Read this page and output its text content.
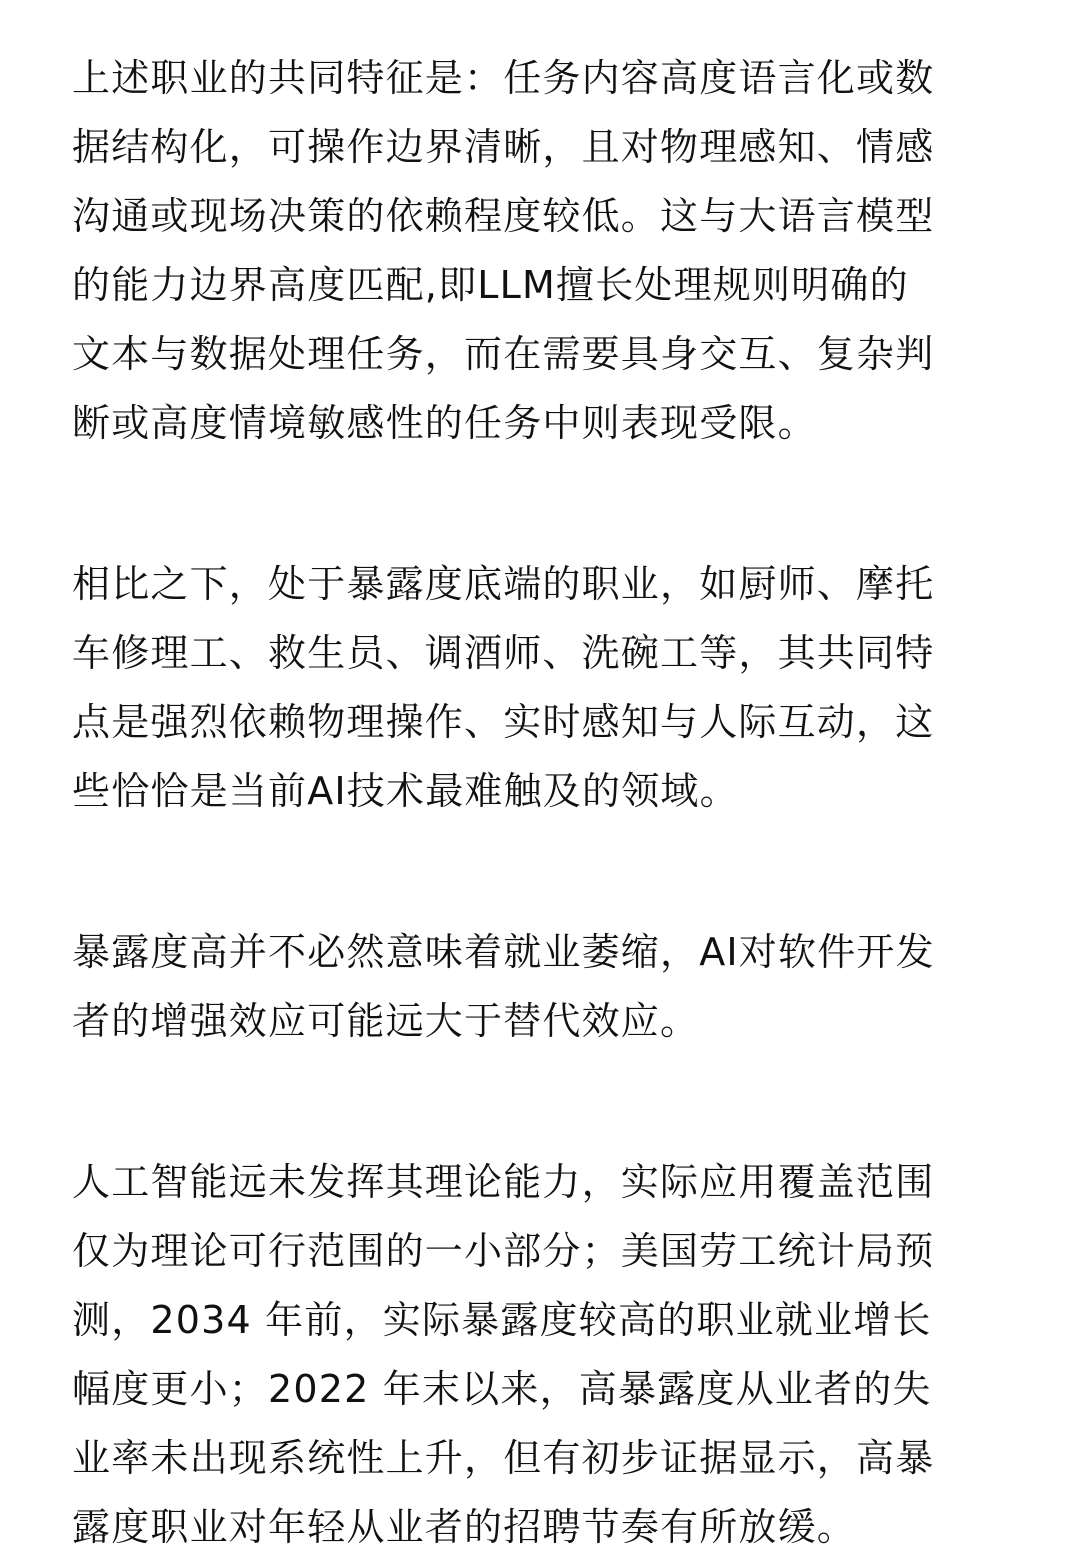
上述职业的共同特征是：任务内容高度语言化或数
据结构化，可操作边界清晰，且对物理感知、情感
沟通或现场决策的依赖程度较低。这与大语言模型
的能力边界高度匹配,即LLM擅长处理规则明确的
文本与数据处理任务，而在需要具身交互、复杂判
断或高度情境敏感性的任务中则表现受限。
相比之下，处于暴露度底端的职业，如厨师、摩托
车修理工、救生员、调酒师、洗碗工等，其共同特
点是强烈依赖物理操作、实时感知与人际互动，这
些恰恰是当前AI技术最难触及的领域。
暴露度高并不必然意味着就业萎缩，AI对软件开发
者的增强效应可能远大于替代效应。
人工智能远未发挥其理论能力，实际应用覆盖范围
仅为理论可行范围的一小部分；美国劳工统计局预
测，2034 年前，实际暴露度较高的职业就业增长
幅度更小；2022 年末以来，高暴露度从业者的失
业率未出现系统性上升，但有初步证据显示，高暴
露度职业对年轻从业者的招聘节奏有所放缓。
